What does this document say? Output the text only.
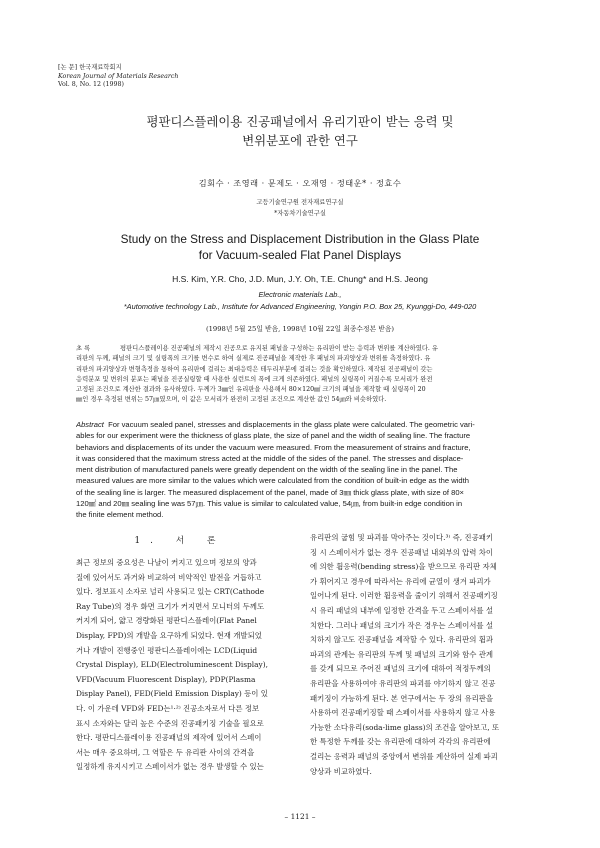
[논 문] 한국재료학회지
Korean Journal of Materials Research
Vol. 8, No. 12 (1998)
평판디스플레이용 진공패널에서 유리기판이 받는 응력 및
변위분포에 관한 연구
김회수 · 조영래 · 문제도 · 오재영 · 정태운* · 정효수
고등기술연구원 전자재료연구실
*자동차기술연구실
Study on the Stress and Displacement Distribution in the Glass Plate
for Vacuum-sealed Flat Panel Displays
H.S. Kim, Y.R. Cho, J.D. Mun, J.Y. Oh, T.E. Chung* and H.S. Jeong
Electronic materials Lab.,
*Automotive technology Lab., Institute for Advanced Engineering, Yongin P.O. Box 25, Kyunggi-Do, 449-020
(1998년 5월 25일 받음, 1998년 10월 22일 최종수정본 받음)
초 록	평판디스플레이용 진공패널의 제작시 진공으로 유지된 패널을 구성하는 유리판이 받는 응력과 변위를 계산하였다. 유
리판의 두께, 패널의 크기 및 실링폭의 크기를 변수로 하여 실제로 진공패널을 제작한 후 패널의 파괴양상과 변위를 측정하였다. 유
리판의 파괴양상과 변형측정을 통하여 유리판에 걸리는 최대응력은 테두리부분에 걸리는 것을 확인하였다. 제작된 진공패널이 갖는
응력분포 및 변위의 분포는 패널을 진공실링할 때 사용한 실런트의 폭에 크게 의존하였다. 패널의 실링폭이 커질수록 모서리가 완전
고정된 조건으로 계산한 결과와 유사하였다. 두께가 3㎜인 유리판을 사용해서 80×120㎟ 크기의 패널을 제작할 때 실링폭이 20
㎜인 경우 측정된 변위는 57㎛였으며, 이 값은 모서리가 완전히 고정된 조건으로 계산한 값인 54㎛와 비슷하였다.
Abstract For vacuum sealed panel, stresses and displacements in the glass plate were calculated. The geometric vari-
ables for our experiment were the thickness of glass plate, the size of panel and the width of sealing line. The fracture
behaviors and displacements of its under the vacuum were measured. From the measurement of strains and fracture,
it was considered that the maximum stress acted at the middle of the sides of the panel. The stresses and displace-
ment distribution of manufactured panels were greatly dependent on the width of the sealing line in the panel. The
measured values are more similar to the values which were calculated from the condition of built-in edge as the width
of the sealing line is larger. The measured displacement of the panel, made of 3㎜ thick glass plate, with size of 80×
120㎟ and 20㎜ sealing line was 57㎛. This value is similar to calculated value, 54㎛, from built-in edge condition in
the finite element method.
1. 서 론
최근 정보의 중요성은 나날이 커지고 있으며 정보의 양과
질에 있어서도 과거와 비교하여 비약적인 발전을 거듭하고
있다. 정보표시 소자로 널리 사용되고 있는 CRT(Cathode
Ray Tube)의 경우 화면 크기가 커지면서 모니터의 두께도
커지게 되어, 얇고 경량화된 평판디스플레이(Flat Panel
Display, FPD)의 개발을 요구하게 되었다. 현재 개발되었
거나 개발이 진행중인 평판디스플레이에는 LCD(Liquid
Crystal Display), ELD(Electroluminescent Display),
VFD(Vacuum Fluorescent Display), PDP(Plasma
Display Panel), FED(Field Emission Display) 등이 있
다. 이 가운데 VFD와 FED는¹·²⁾ 진공소자로서 다른 정보
표시 소자와는 달리 높은 수준의 진공패키징 기술을 필요로
한다. 평판디스플레이용 진공패널의 제작에 있어서 스페이
서는 매우 중요하며, 그 역할은 두 유리판 사이의 간격을
일정하게 유지시키고 스페이서가 없는 경우 발생할 수 있는
유리판의 굽힘 및 파괴를 막아주는 것이다.³⁾ 즉, 진공패키
징 시 스페이서가 없는 경우 진공패널 내외부의 압력 차이
에 의한 휨응력(bending stress)을 받으므로 유리판 자체
가 휘어지고 경우에 따라서는 유리에 균열이 생겨 파괴가
일어나게 된다. 이러한 휨응력을 줄이기 위해서 진공패키징
시 유리 패널의 내부에 일정한 간격을 두고 스페이서를 설
치한다. 그러나 패널의 크기가 작은 경우는 스페이서를 설
치하지 않고도 진공패널을 제작할 수 있다. 유리판의 휨과
파괴의 관계는 유리판의 두께 및 패널의 크기와 함수 관계
를 갖게 되므로 주어진 패널의 크기에 대하여 적정두께의
유리판을 사용하여야 유리판의 파괴를 야기하지 않고 진공
패키징이 가능하게 된다. 본 연구에서는 두 장의 유리판을
사용하여 진공패키징할 때 스페이서를 사용하지 않고 사용
가능한 소다유리(soda-lime glass)의 조건을 알아보고, 또
한 특정한 두께를 갖는 유리판에 대하여 각각의 유리판에
걸리는 응력과 패널의 중앙에서 변위를 계산하여 실제 파괴
양상과 비교하였다.
– 1121 –
